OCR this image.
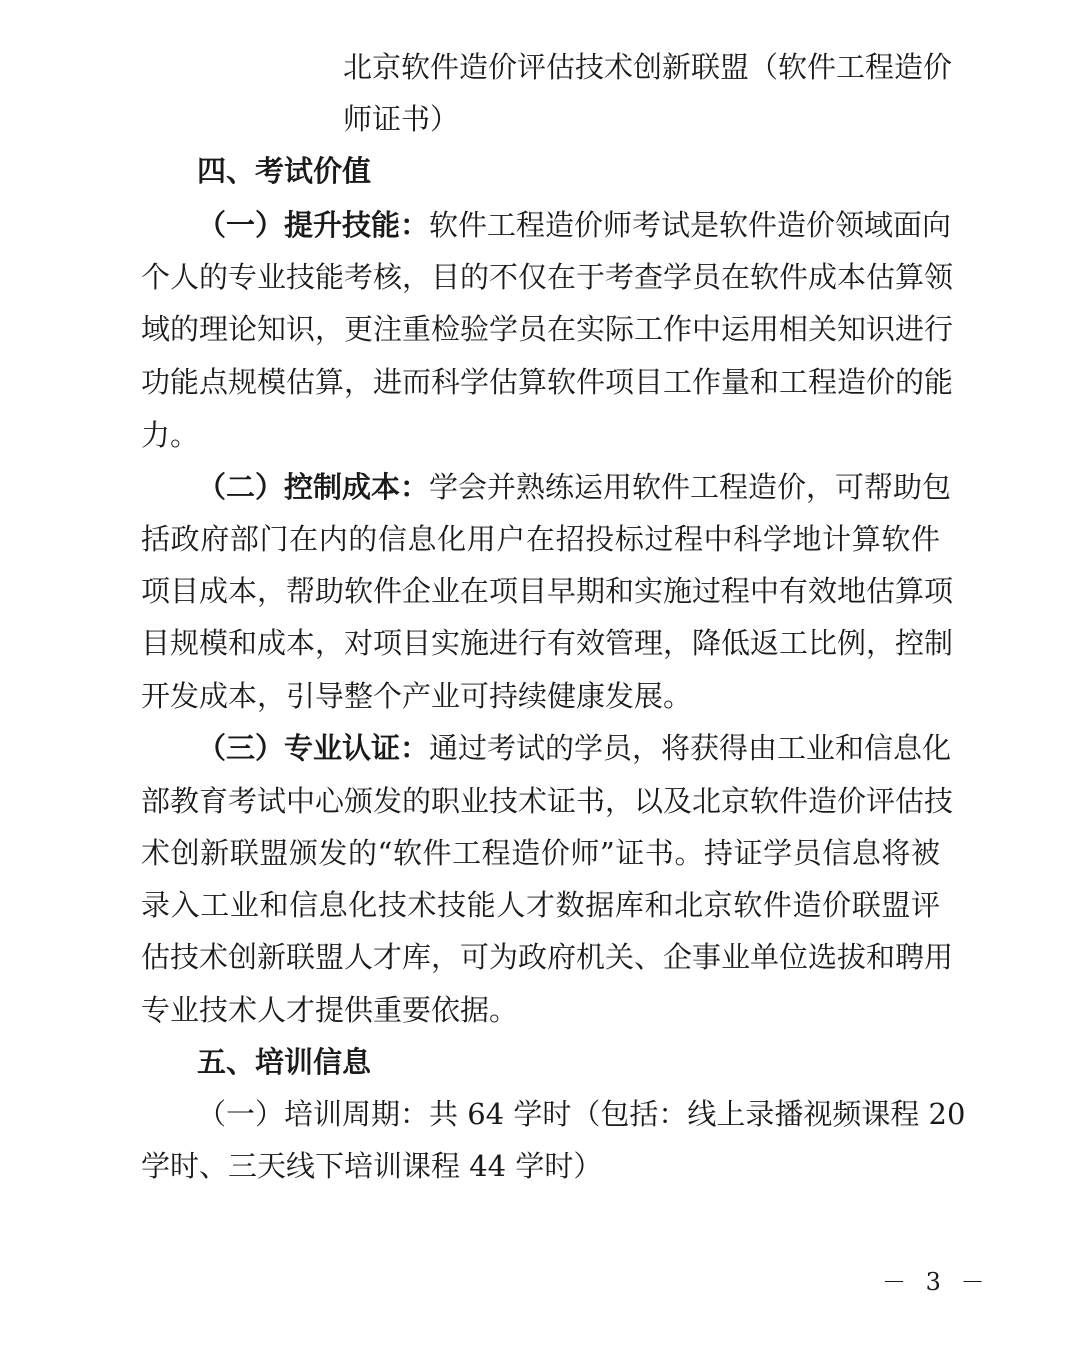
北京软件造价评估技术创新联盟（软件工程造价
师证书）
四、考试价值
（一）提升技能：软件工程造价师考试是软件造价领域面向
个人的专业技能考核，目的不仅在于考查学员在软件成本估算领
域的理论知识，更注重检验学员在实际工作中运用相关知识进行
功能点规模估算，进而科学估算软件项目工作量和工程造价的能
力。
（二）控制成本：学会并熟练运用软件工程造价，可帮助包
括政府部门在内的信息化用户在招投标过程中科学地计算软件
项目成本，帮助软件企业在项目早期和实施过程中有效地估算项
目规模和成本，对项目实施进行有效管理，降低返工比例，控制
开发成本，引导整个产业可持续健康发展。
（三）专业认证：通过考试的学员，将获得由工业和信息化
部教育考试中心颁发的职业技术证书，以及北京软件造价评估技
术创新联盟颁发的“软件工程造价师”证书。持证学员信息将被
录入工业和信息化技术技能人才数据库和北京软件造价联盟评
估技术创新联盟人才库，可为政府机关、企事业单位选拔和聘用
专业技术人才提供重要依据。
五、培训信息
（一）培训周期：共 64 学时（包括：线上录播视频课程 20
学时、三天线下培训课程 44 学时）
－ 3 －
